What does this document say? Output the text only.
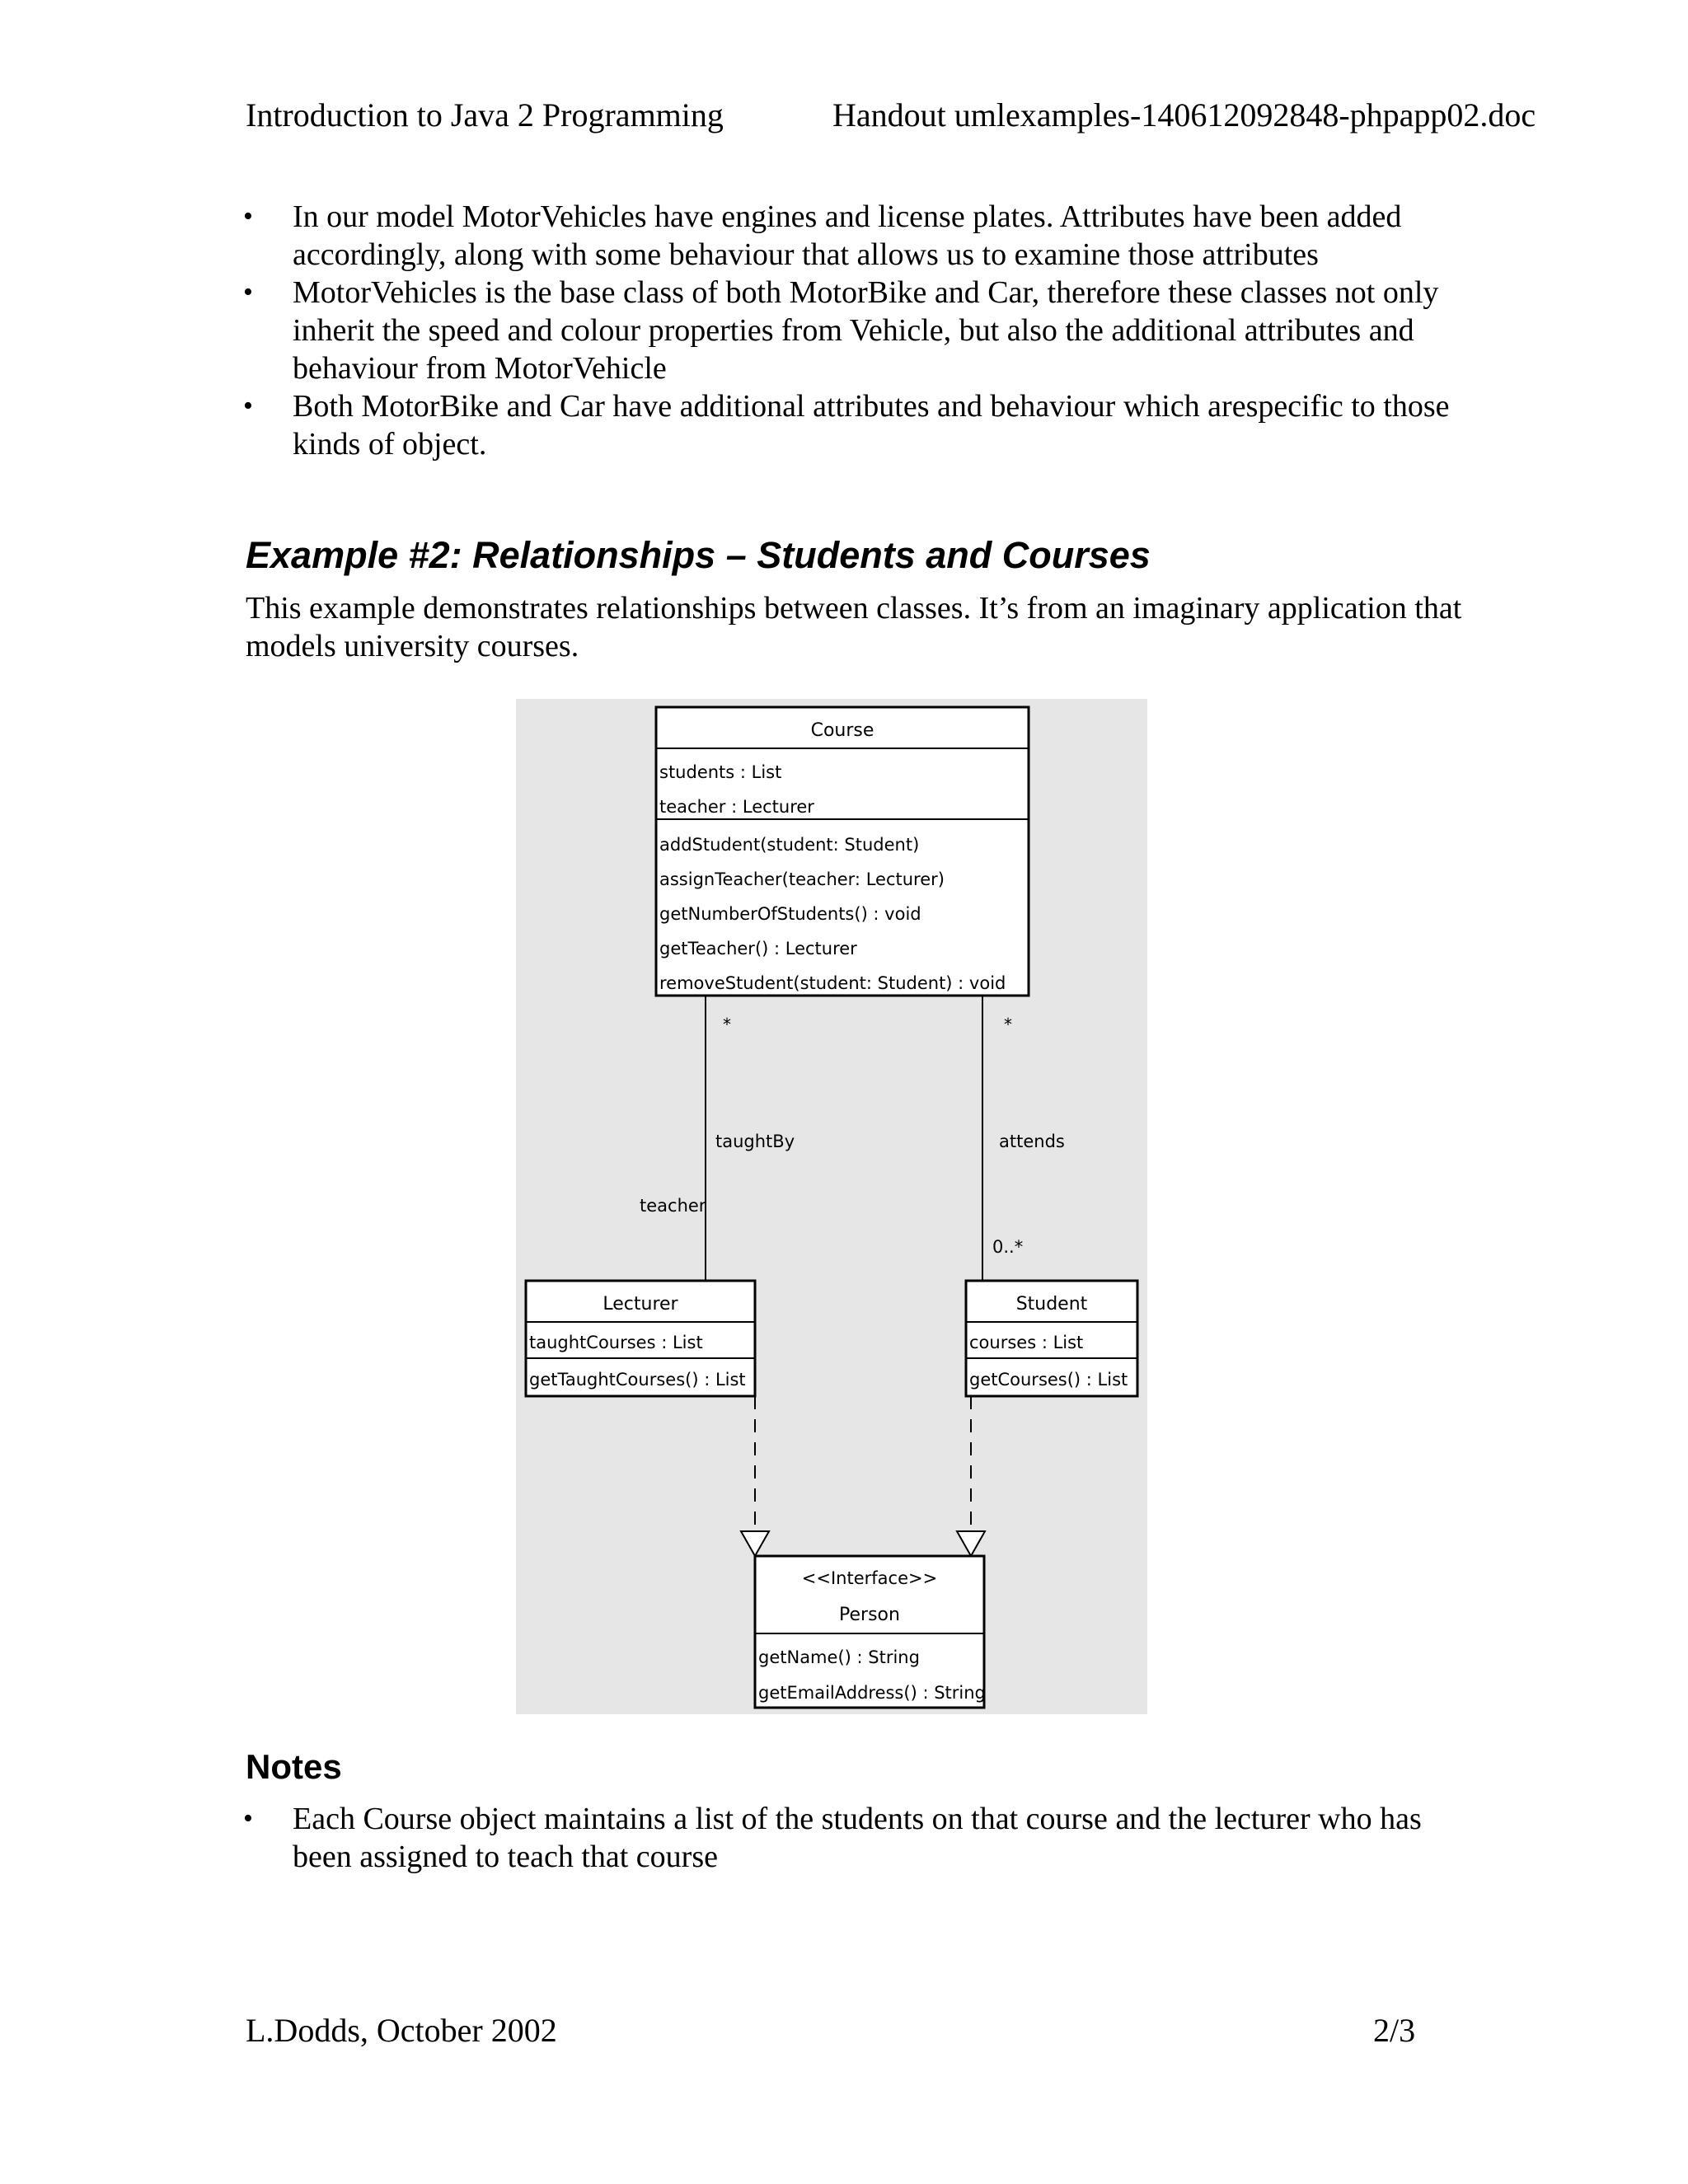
Introduction to Java 2 Programming	Handout umlexamples-140612092848-phpapp02.doc
• In our model MotorVehicles have engines and license plates. Attributes have been added accordingly, along with some behaviour that allows us to examine those attributes
• MotorVehicles is the base class of both MotorBike and Car, therefore these classes not only inherit the speed and colour properties from Vehicle, but also the additional attributes and behaviour from MotorVehicle
• Both MotorBike and Car have additional attributes and behaviour which arespecific to those kinds of object.
Example #2: Relationships – Students and Courses
This example demonstrates relationships between classes. It’s from an imaginary application that models university courses.
Course
students : List
teacher : Lecturer
addStudent(student: Student)
assignTeacher(teacher: Lecturer)
getNumberOfStudents() : void
getTeacher() : Lecturer
removeStudent(student: Student) : void
*	*
taughtBy	attends
teacher
0..*
Lecturer
taughtCourses : List
getTaughtCourses() : List
Student
courses : List
getCourses() : List
<<Interface>>
Person
getName() : String
getEmailAddress() : String
Notes
• Each Course object maintains a list of the students on that course and the lecturer who has been assigned to teach that course
L.Dodds, October 2002	2/3
